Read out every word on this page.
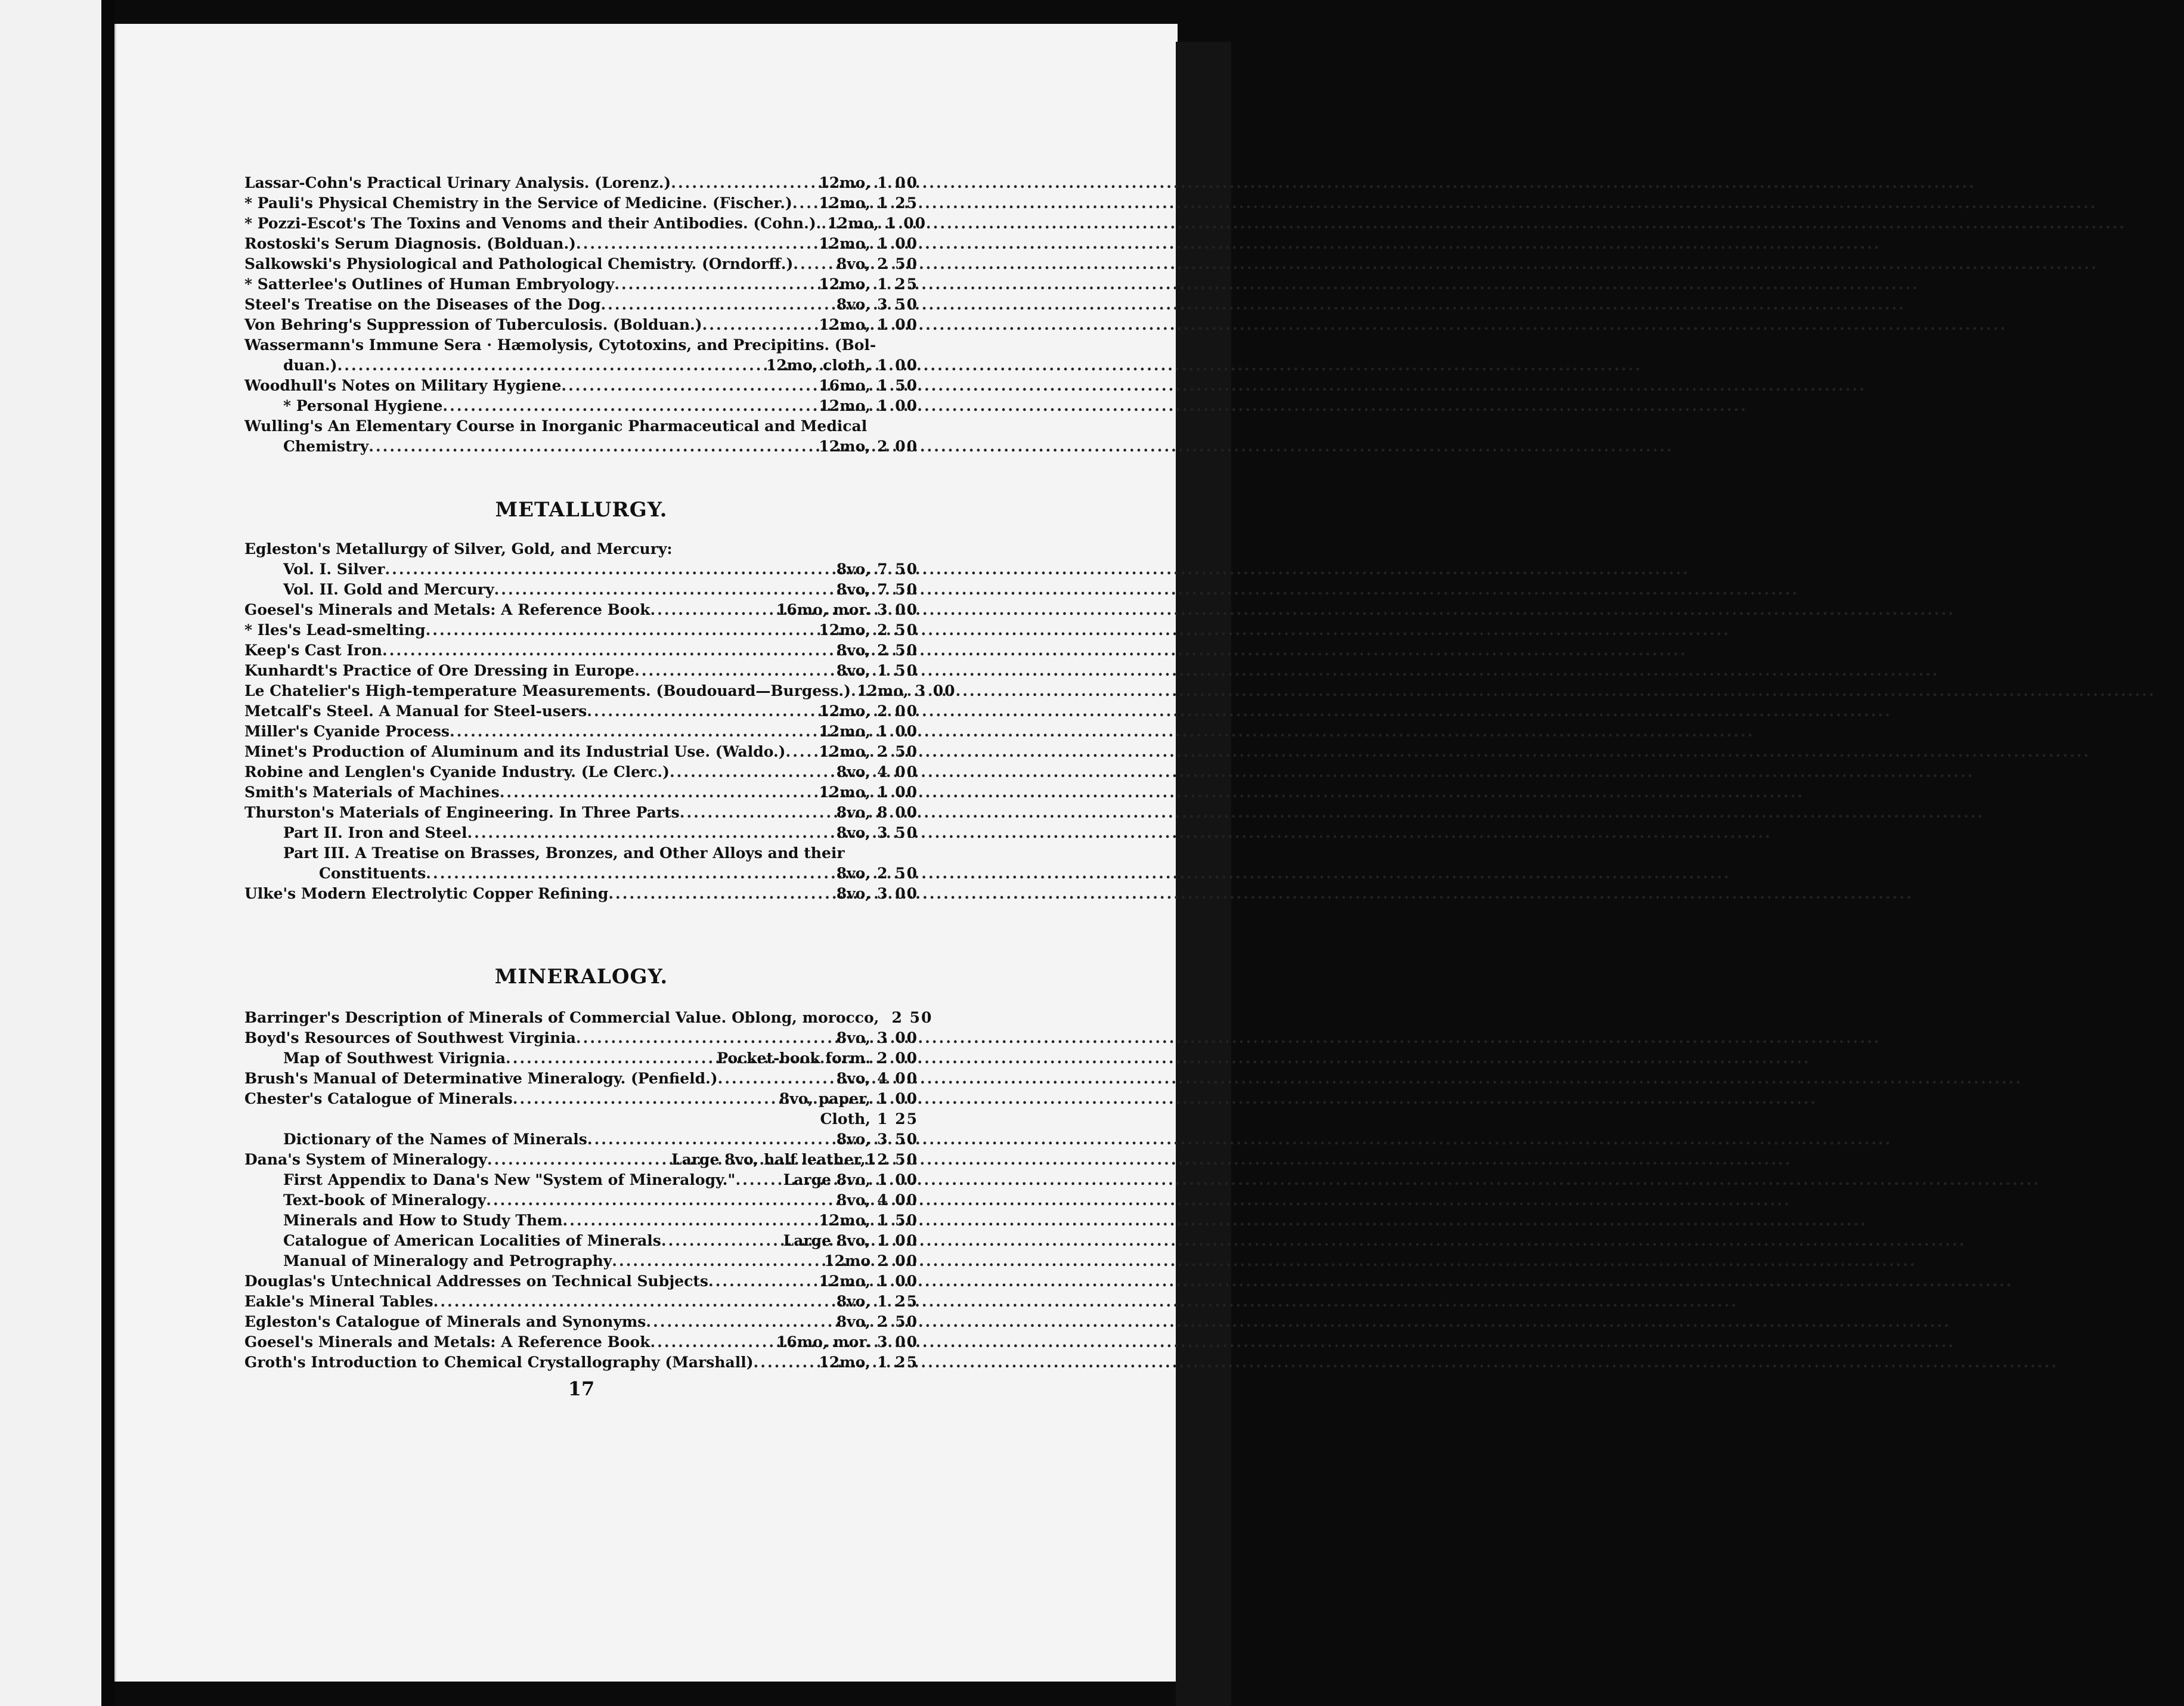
Lassar-Cohn's Practical Urinary Analysis. (Lorenz.) .....	12mo, 1 00
* Pauli's Physical Chemistry in the Service of Medicine. (Fischer.) ..... 12mo, 1 25
* Pozzi-Escot's The Toxins and Venoms and their Antibodies. (Cohn.). ..... 12mo, 1 00
Rostoski's Serum Diagnosis. (Bolduan.) .....	12mo, 1 00
Salkowski's Physiological and Pathological Chemistry. (Orndorff.) .....	8vo, 2 50
* Satterlee's Outlines of Human Embryology .....	12mo, 1 25
Steel's Treatise on the Diseases of the Dog .....	8vo, 3 50
Von Behring's Suppression of Tuberculosis. (Bolduan.) .....	12mo, 1 00
Wassermann's Immune Sera · Hæmolysis, Cytotoxins, and Precipitins. (Bol-
duan.) .....	12mo, cloth, 1 00
Woodhull's Notes on Military Hygiene .....	16mo, 1 50
* Personal Hygiene .....	12mo, 1 00
Wulling's An Elementary Course in Inorganic Pharmaceutical and Medical
Chemistry .....	12mo, 2 00
METALLURGY.
Egleston's Metallurgy of Silver, Gold, and Mercury:
Vol. I. Silver .....	8vo, 7 50
Vol. II. Gold and Mercury .....	8vo, 7 50
Goesel's Minerals and Metals: A Reference Book .....	16mo, mor. 3 00
* Iles's Lead-smelting .....	12mo, 2 50
Keep's Cast Iron .....	8vo, 2 50
Kunhardt's Practice of Ore Dressing in Europe .....	8vo, 1 50
Le Chatelier's High-temperature Measurements. (Boudouard—Burgess.) ..... 12mo, 3 00
Metcalf's Steel. A Manual for Steel-users .....	12mo, 2 00
Miller's Cyanide Process .....	12mo, 1 00
Minet's Production of Aluminum and its Industrial Use. (Waldo.) ..... 12mo, 2 50
Robine and Lenglen's Cyanide Industry. (Le Clerc.) .....	8vo, 4 00
Smith's Materials of Machines .....	12mo, 1 00
Thurston's Materials of Engineering. In Three Parts .....	8vo, 8 00
Part II. Iron and Steel .....	8vo, 3 50
Part III. A Treatise on Brasses, Bronzes, and Other Alloys and their
Constituents .....	8vo, 2 50
Ulke's Modern Electrolytic Copper Refining .....	8vo, 3 00
MINERALOGY.
Barringer's Description of Minerals of Commercial Value. Oblong, morocco, 2 50
Boyd's Resources of Southwest Virginia .....	8vo, 3 00
Map of Southwest Virignia .....	Pocket-book form. 2 00
Brush's Manual of Determinative Mineralogy. (Penfield.) .....	8vo, 4 00
Chester's Catalogue of Minerals .....	8vo, paper, 1 00
Cloth, 1 25
Dictionary of the Names of Minerals .....	8vo, 3 50
Dana's System of Mineralogy .....	Large 8vo, half leather, 12 50
First Appendix to Dana's New "System of Mineralogy." .....	Large 8vo, 1 00
Text-book of Mineralogy .....	8vo, 4 00
Minerals and How to Study Them .....	12mo, 1 50
Catalogue of American Localities of Minerals .....	Large 8vo, 1 00
Manual of Mineralogy and Petrography .....	12mo 2 00
Douglas's Untechnical Addresses on Technical Subjects .....	12mo, 1 00
Eakle's Mineral Tables .....	8vo, 1 25
Egleston's Catalogue of Minerals and Synonyms .....	8vo, 2 50
Goesel's Minerals and Metals: A Reference Book .....	16mo, mor. 3 00
Groth's Introduction to Chemical Crystallography (Marshall) .....	12mo, 1 25
17
